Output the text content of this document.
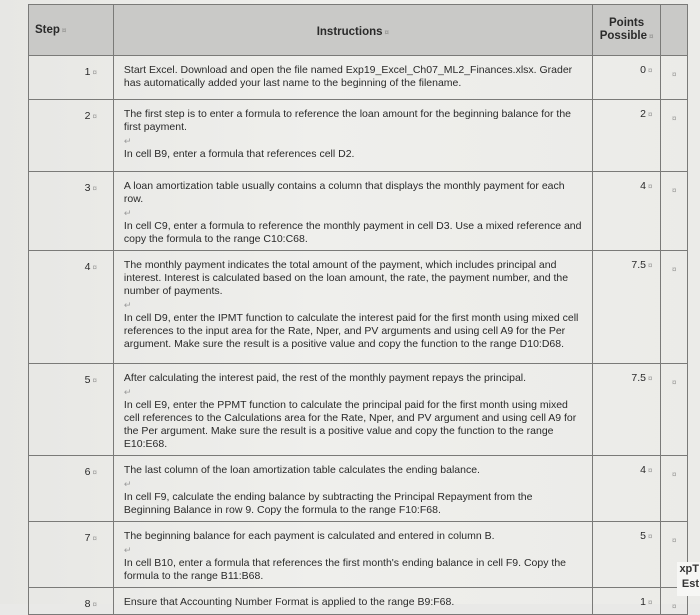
Step ¤	Instructions ¤	Points Possible ¤	
1 ¤	Start Excel. Download and open the file named Exp19_Excel_Ch07_ML2_Finances.xlsx. Grader has automatically added your last name to the beginning of the filename.	0 ¤	¤
2 ¤	The first step is to enter a formula to reference the loan amount for the beginning balance for the first payment.

↵

In cell B9, enter a formula that references cell D2.	2 ¤	¤
3 ¤	A loan amortization table usually contains a column that displays the monthly payment for each row.

↵

In cell C9, enter a formula to reference the monthly payment in cell D3. Use a mixed reference and copy the formula to the range C10:C68.	4 ¤	¤
4 ¤	The monthly payment indicates the total amount of the payment, which includes principal and interest. Interest is calculated based on the loan amount, the rate, the payment number, and the number of payments.

↵

In cell D9, enter the IPMT function to calculate the interest paid for the first month using mixed cell references to the input area for the Rate, Nper, and PV arguments and using cell A9 for the Per argument. Make sure the result is a positive value and copy the function to the range D10:D68.	7.5 ¤	¤
5 ¤	After calculating the interest paid, the rest of the monthly payment repays the principal.

↵

In cell E9, enter the PPMT function to calculate the principal paid for the first month using mixed cell references to the Calculations area for the Rate, Nper, and PV argument and using cell A9 for the Per argument. Make sure the result is a positive value and copy the function to the range E10:E68.	7.5 ¤	¤
6 ¤	The last column of the loan amortization table calculates the ending balance.

↵

In cell F9, calculate the ending balance by subtracting the Principal Repayment from the Beginning Balance in row 9. Copy the formula to the range F10:F68.	4 ¤	¤
7 ¤	The beginning balance for each payment is calculated and entered in column B.

↵

In cell B10, enter a formula that references the first month's ending balance in cell F9. Copy the formula to the range B11:B68.	5 ¤	¤
8 ¤	Ensure that Accounting Number Format is applied to the range B9:F68.	1 ¤	¤
xpT
Est
